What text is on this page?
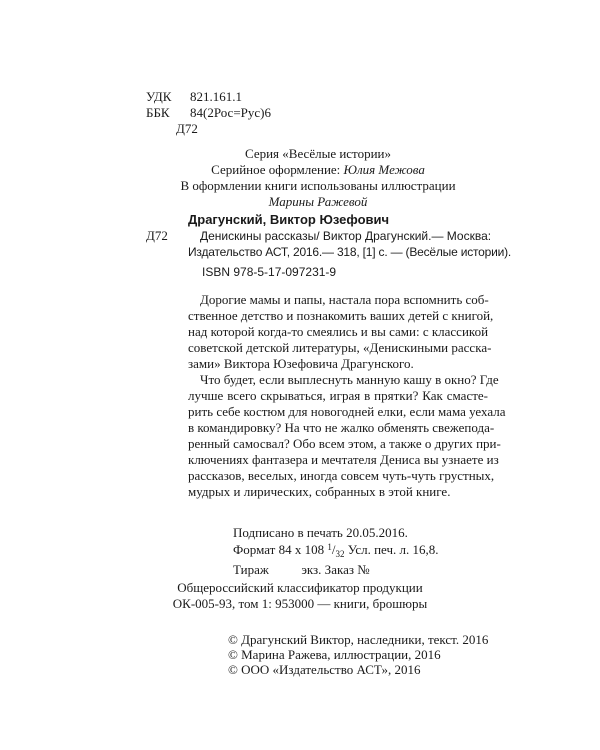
УДК	821.161.1
ББК	84(2Рос=Рус)6
Д72
Серия «Весёлые истории»
Серийное оформление: Юлия Межова
В оформлении книги использованы иллюстрации
Марины Ражевой
Д72
Драгунский, Виктор Юзефович
Денискины рассказы/ Виктор Драгунский.— Москва:
Издательство АСТ, 2016.— 318, [1] с. — (Весёлые истории).
ISBN 978-5-17-097231-9
Дорогие мамы и папы, настала пора вспомнить соб-
ственное детство и познакомить ваших детей с книгой,
над которой когда-то смеялись и вы сами: с классикой
советской детской литературы, «Денискиными расска-
зами» Виктора Юзефовича Драгунского.
Что будет, если выплеснуть манную кашу в окно? Где
лучше всего скрываться, играя в прятки? Как смасте-
рить себе костюм для новогодней елки, если мама уехала
в командировку? На что не жалко обменять свежеподa-
ренный самосвал? Обо всем этом, а также о других при-
ключениях фантазера и мечтателя Дениса вы узнаете из
рассказов, веселых, иногда совсем чуть-чуть грустных,
мудрых и лирических, собранных в этой книге.
Подписано в печать 20.05.2016.
Формат 84 x 108 $^1/_{32}$ Усл. печ. л. 16,8.
Тираж          экз. Заказ №
Общероссийский классификатор продукции
ОК-005-93, том 1: 953000 — книги, брошюры
© Драгунский Виктор, наследники, текст. 2016
© Марина Ражева, иллюстрации, 2016
© ООО «Издательство АСТ», 2016
